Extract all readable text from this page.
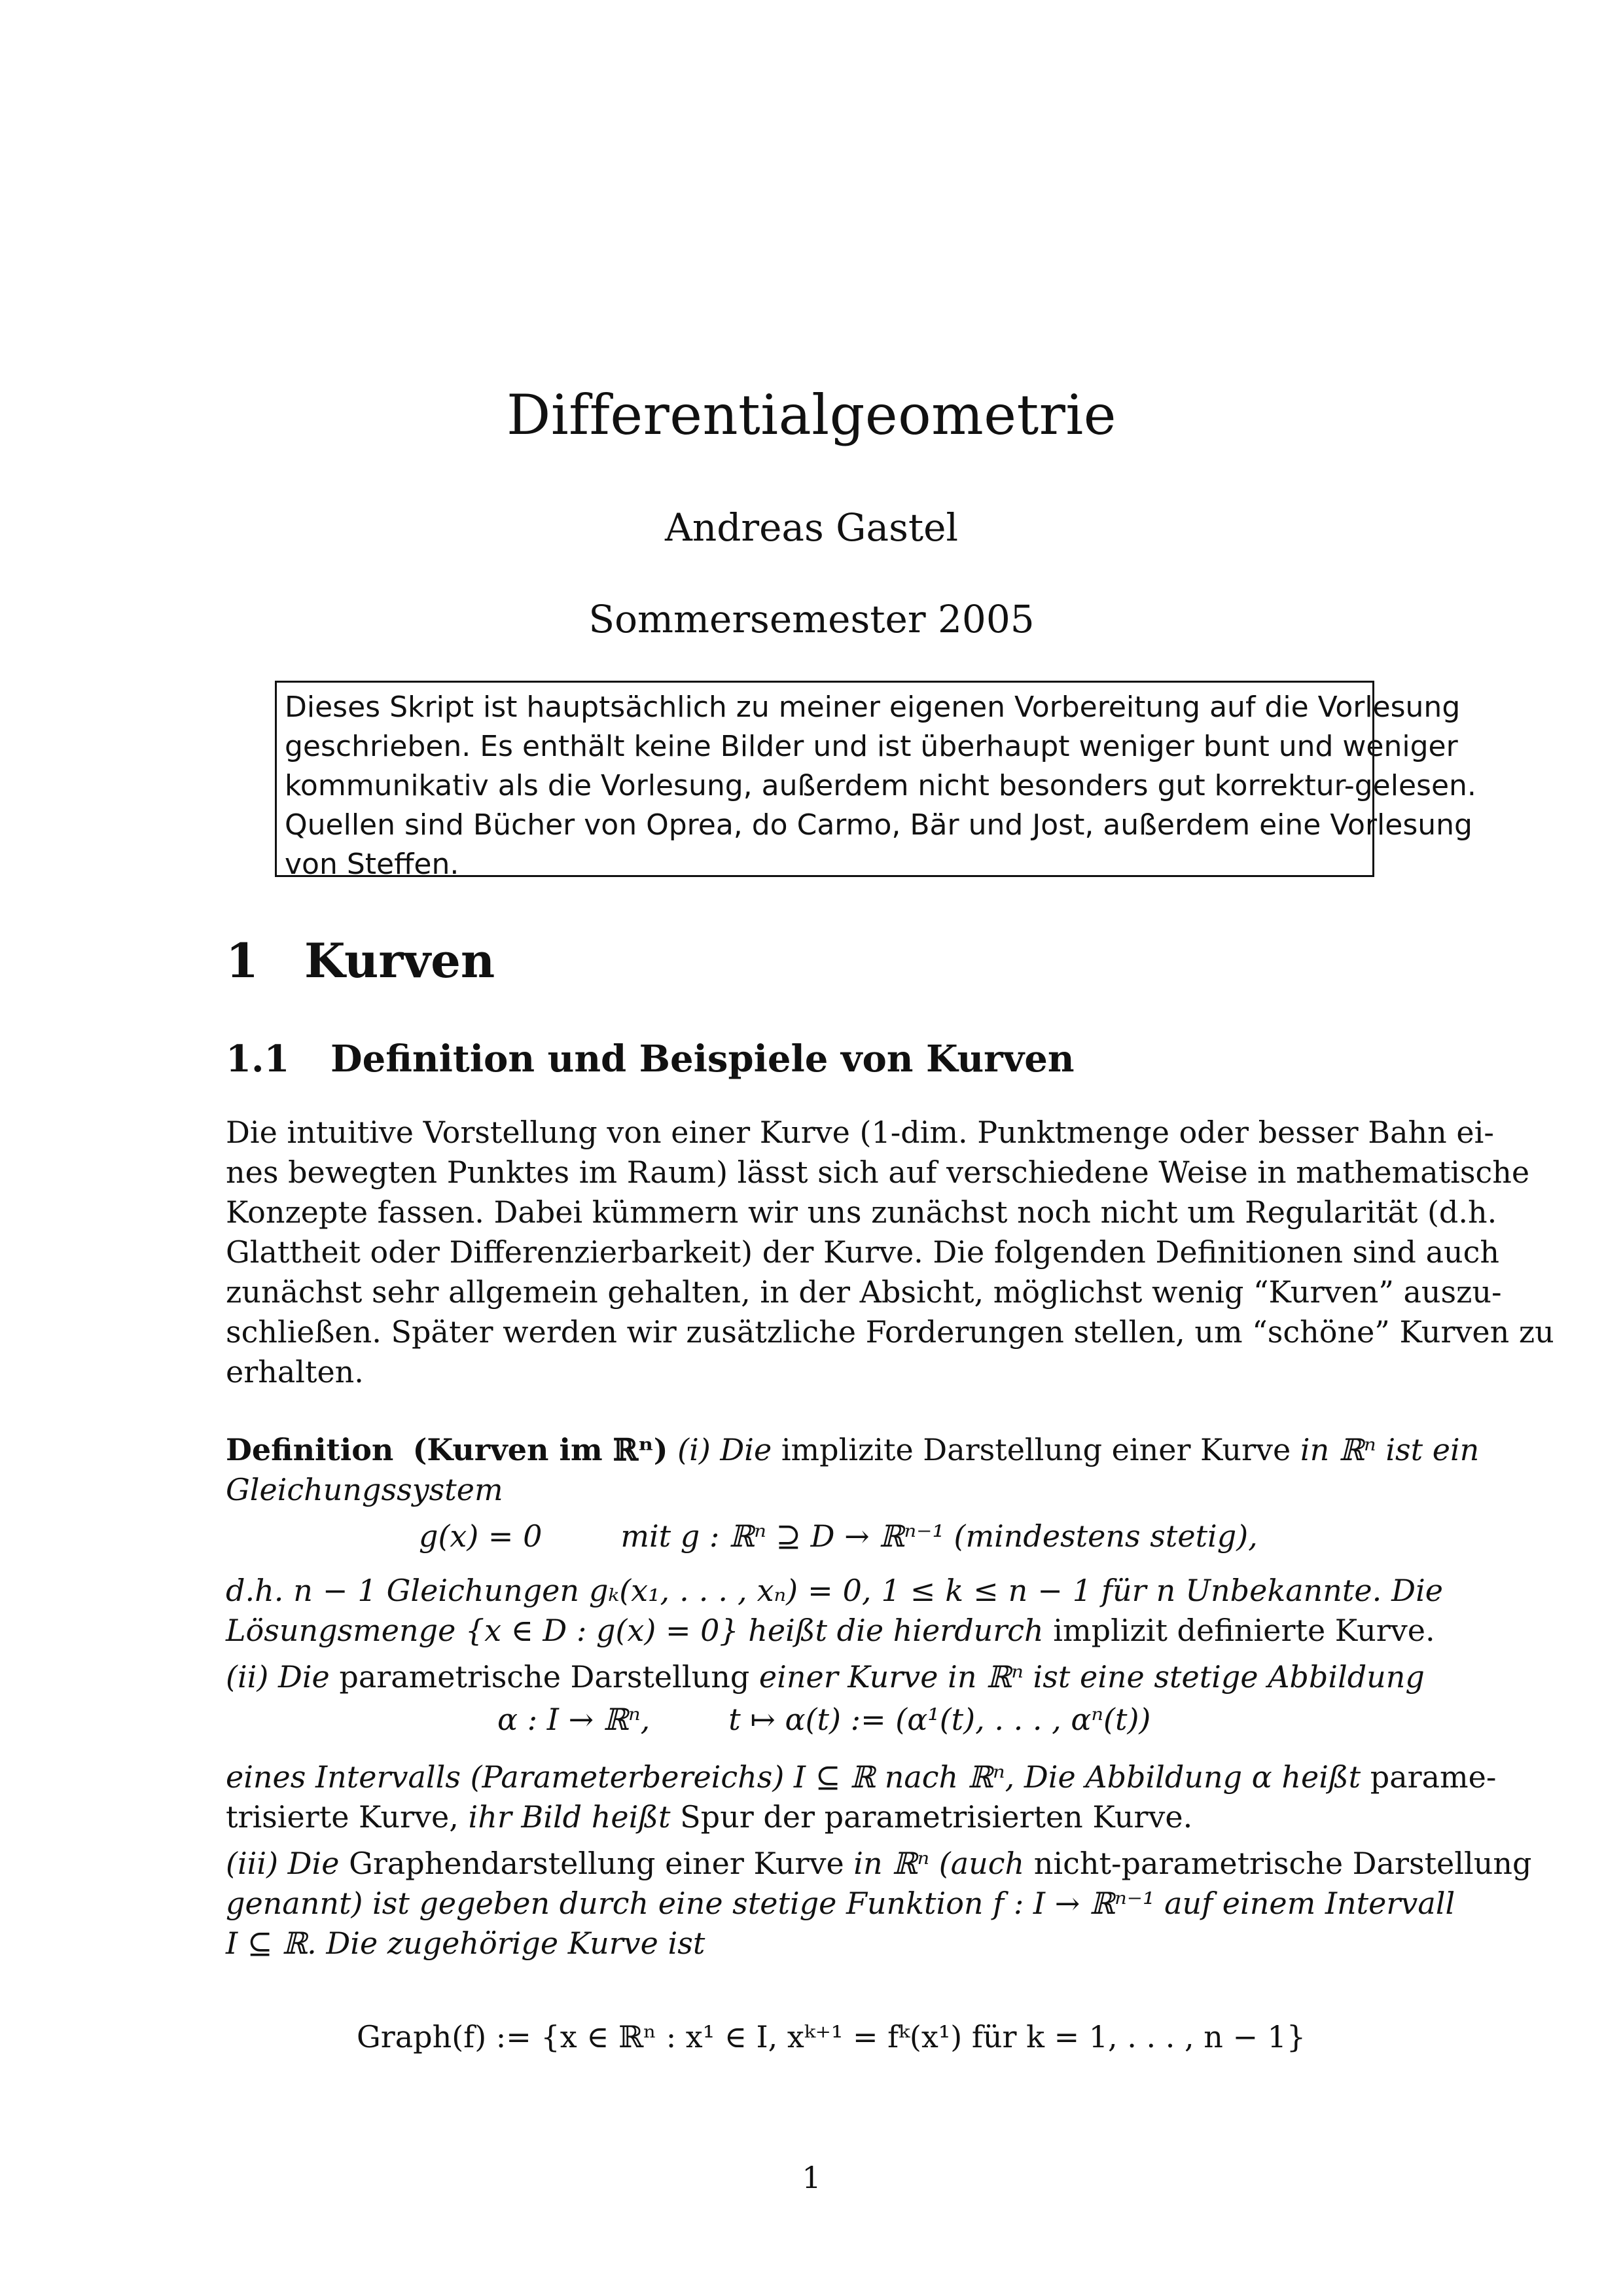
Differentialgeometrie
Andreas Gastel
Sommersemester 2005
Dieses Skript ist hauptsächlich zu meiner eigenen Vorbereitung auf die Vorlesung
geschrieben. Es enthält keine Bilder und ist überhaupt weniger bunt und weniger
kommunikativ als die Vorlesung, außerdem nicht besonders gut korrektur-gelesen.
Quellen sind Bücher von Oprea, do Carmo, Bär und Jost, außerdem eine Vorlesung
von Steffen.
1 Kurven
1.1 Definition und Beispiele von Kurven
Die intuitive Vorstellung von einer Kurve (1-dim. Punktmenge oder besser Bahn ei-
nes bewegten Punktes im Raum) lässt sich auf verschiedene Weise in mathematische
Konzepte fassen. Dabei kümmern wir uns zunächst noch nicht um Regularität (d.h.
Glattheit oder Differenzierbarkeit) der Kurve. Die folgenden Definitionen sind auch
zunächst sehr allgemein gehalten, in der Absicht, möglichst wenig “Kurven” auszu-
schließen. Später werden wir zusätzliche Forderungen stellen, um “schöne” Kurven zu
erhalten.
Definition (Kurven im ℝⁿ) (i) Die implizite Darstellung einer Kurve in ℝⁿ ist ein
Gleichungssystem
g(x) = 0	mit g : ℝⁿ ⊇ D → ℝⁿ⁻¹ (mindestens stetig),
d.h. n − 1 Gleichungen gₖ(x₁, . . . , xₙ) = 0, 1 ≤ k ≤ n − 1 für n Unbekannte. Die
Lösungsmenge {x ∈ D : g(x) = 0} heißt die hierdurch implizit definierte Kurve.
(ii) Die parametrische Darstellung einer Kurve in ℝⁿ ist eine stetige Abbildung
α : I → ℝⁿ,	t ↦ α(t) := (α¹(t), . . . , αⁿ(t))
eines Intervalls (Parameterbereichs) I ⊆ ℝ nach ℝⁿ, Die Abbildung α heißt parame-
trisierte Kurve, ihr Bild heißt Spur der parametrisierten Kurve.
(iii) Die Graphendarstellung einer Kurve in ℝⁿ (auch nicht-parametrische Darstellung
genannt) ist gegeben durch eine stetige Funktion f : I → ℝⁿ⁻¹ auf einem Intervall
I ⊆ ℝ. Die zugehörige Kurve ist
Graph(f) := {x ∈ ℝⁿ : x¹ ∈ I, xᵏ⁺¹ = fᵏ(x¹) für k = 1, . . . , n − 1}
1
